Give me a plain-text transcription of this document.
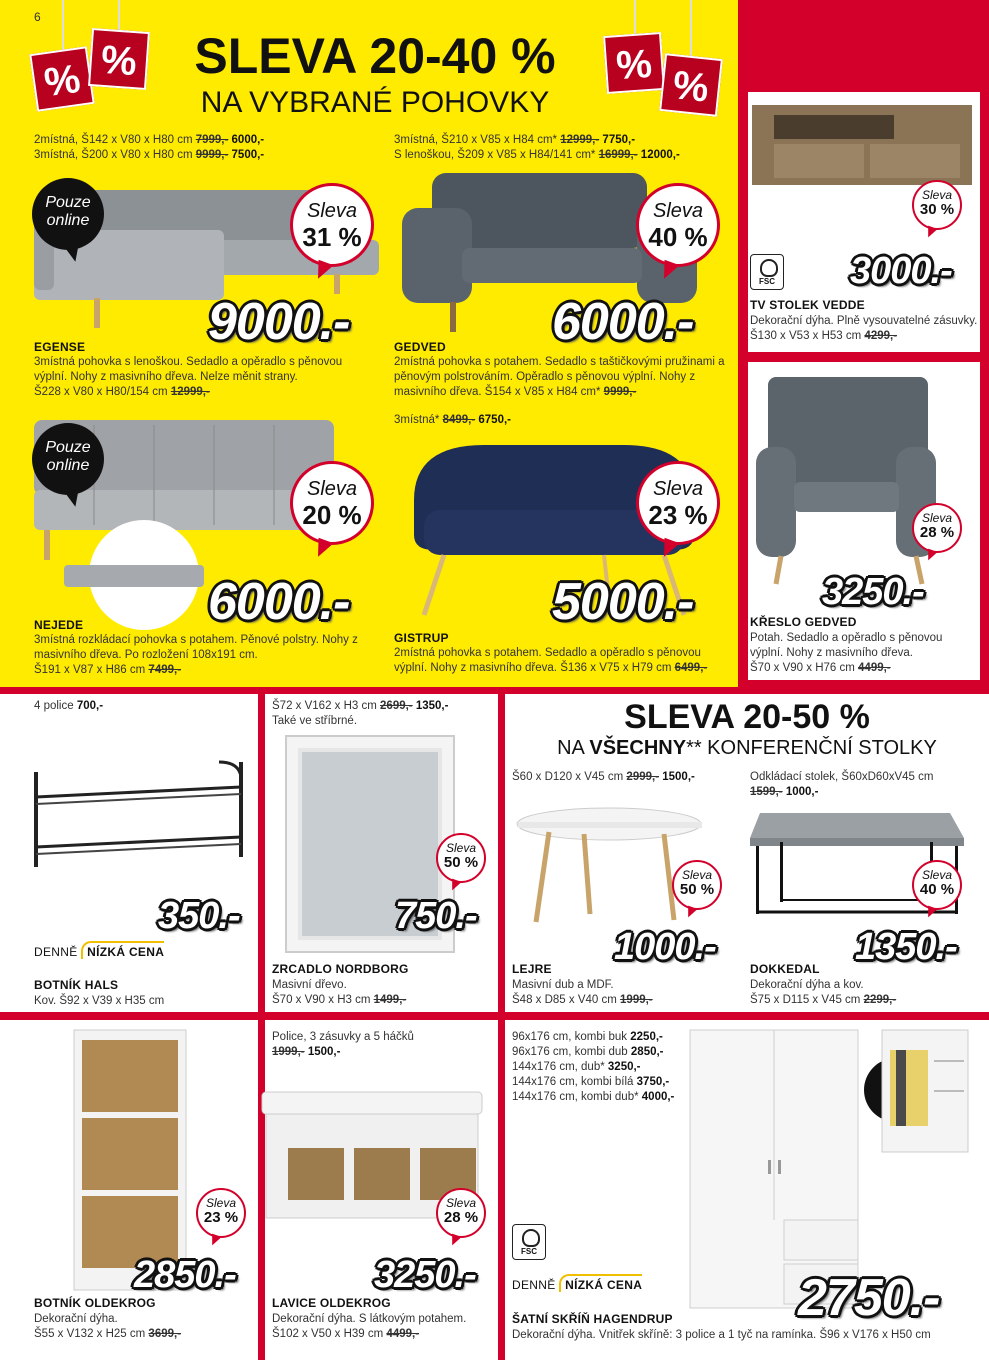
6
% %	% %
SLEVA 20-40 %
NA VYBRANÉ POHOVKY
2místná, Š142 x V80 x H80 cm 7999,- 6000,-
3místná, Š200 x V80 x H80 cm 9999,- 7500,-
Pouze
online	Sleva
31 %
9000.-
EGENSE
3místná pohovka s lenoškou. Sedadlo a opěradlo s pěnovou výplní. Nohy z masivního dřeva. Nelze měnit strany.
Š228 x V80 x H80/154 cm 12999,-
3místná, Š210 x V85 x H84 cm* 12999,- 7750,-
S lenoškou, Š209 x V85 x H84/141 cm* 16999,- 12000,-
Sleva
40 %
6000.-
GEDVED
2místná pohovka s potahem. Sedadlo s taštičkovými pružinami a pěnovým polstrováním. Opěradlo s pěnovou výplní. Nohy z masivního dřeva. Š154 x V85 x H84 cm* 9999,-
Pouze
online
Sleva
20 %
6000.-
NEJEDE
3místná rozkládací pohovka s potahem. Pěnové polstry. Nohy z masivního dřeva. Po rozložení 108x191 cm.
Š191 x V87 x H86 cm 7499,-
3místná* 8499,- 6750,-
Sleva
23 %
5000.-
GISTRUP
2místná pohovka s potahem. Sedadlo a opěradlo s pěnovou výplní. Nohy z masivního dřeva. Š136 x V75 x H79 cm 6499,-
Sleva
30 %
FSC 3000.-
TV STOLEK VEDDE
Dekorační dýha. Plně vysouvatelné zásuvky. Š130 x V53 x H53 cm 4299,-
Sleva
28 %
3250.-
KŘESLO GEDVED
Potah. Sedadlo a opěradlo s pěnovou výplní. Nohy z masivního dřeva.
Š70 x V90 x H76 cm 4499,-
4 police 700,-
350.-
DENNĚ NÍZKÁ CENA
BOTNÍK HALS
Kov. Š92 x V39 x H35 cm
Š72 x V162 x H3 cm 2699,- 1350,-
Také ve stříbrné.
Sleva
50 %
750.-
ZRCADLO NORDBORG
Masivní dřevo.
Š70 x V90 x H3 cm 1499,-
SLEVA 20-50 %
NA VŠECHNY** KONFERENČNÍ STOLKY
Š60 x D120 x V45 cm 2999,- 1500,-
Sleva
50 %
1000.-
LEJRE
Masivní dub a MDF.
Š48 x D85 x V40 cm 1999,-
Odkládací stolek, Š60xD60xV45 cm
1599,- 1000,-
Sleva
40 %
1350.-
DOKKEDAL
Dekorační dýha a kov.
Š75 x D115 x V45 cm 2299,-
Sleva
23 %
2850.-
BOTNÍK OLDEKROG
Dekorační dýha.
Š55 x V132 x H25 cm 3699,-
Police, 3 zásuvky a 5 háčků
1999,- 1500,-
Sleva
28 %
3250.-
LAVICE OLDEKROG
Dekorační dýha. S látkovým potahem.
Š102 x V50 x H39 cm 4499,-
96x176 cm, kombi buk 2250,-
96x176 cm, kombi dub 2850,-
144x176 cm, dub* 3250,-
144x176 cm, kombi bílá 3750,-
144x176 cm, kombi dub* 4000,-
FSC
DENNĚ NÍZKÁ CENA	2750.-
ŠATNÍ SKŘÍŇ HAGENDRUP
Dekorační dýha. Vnitřek skříně: 3 police a 1 tyč na ramínka. Š96 x V176 x H50 cm
